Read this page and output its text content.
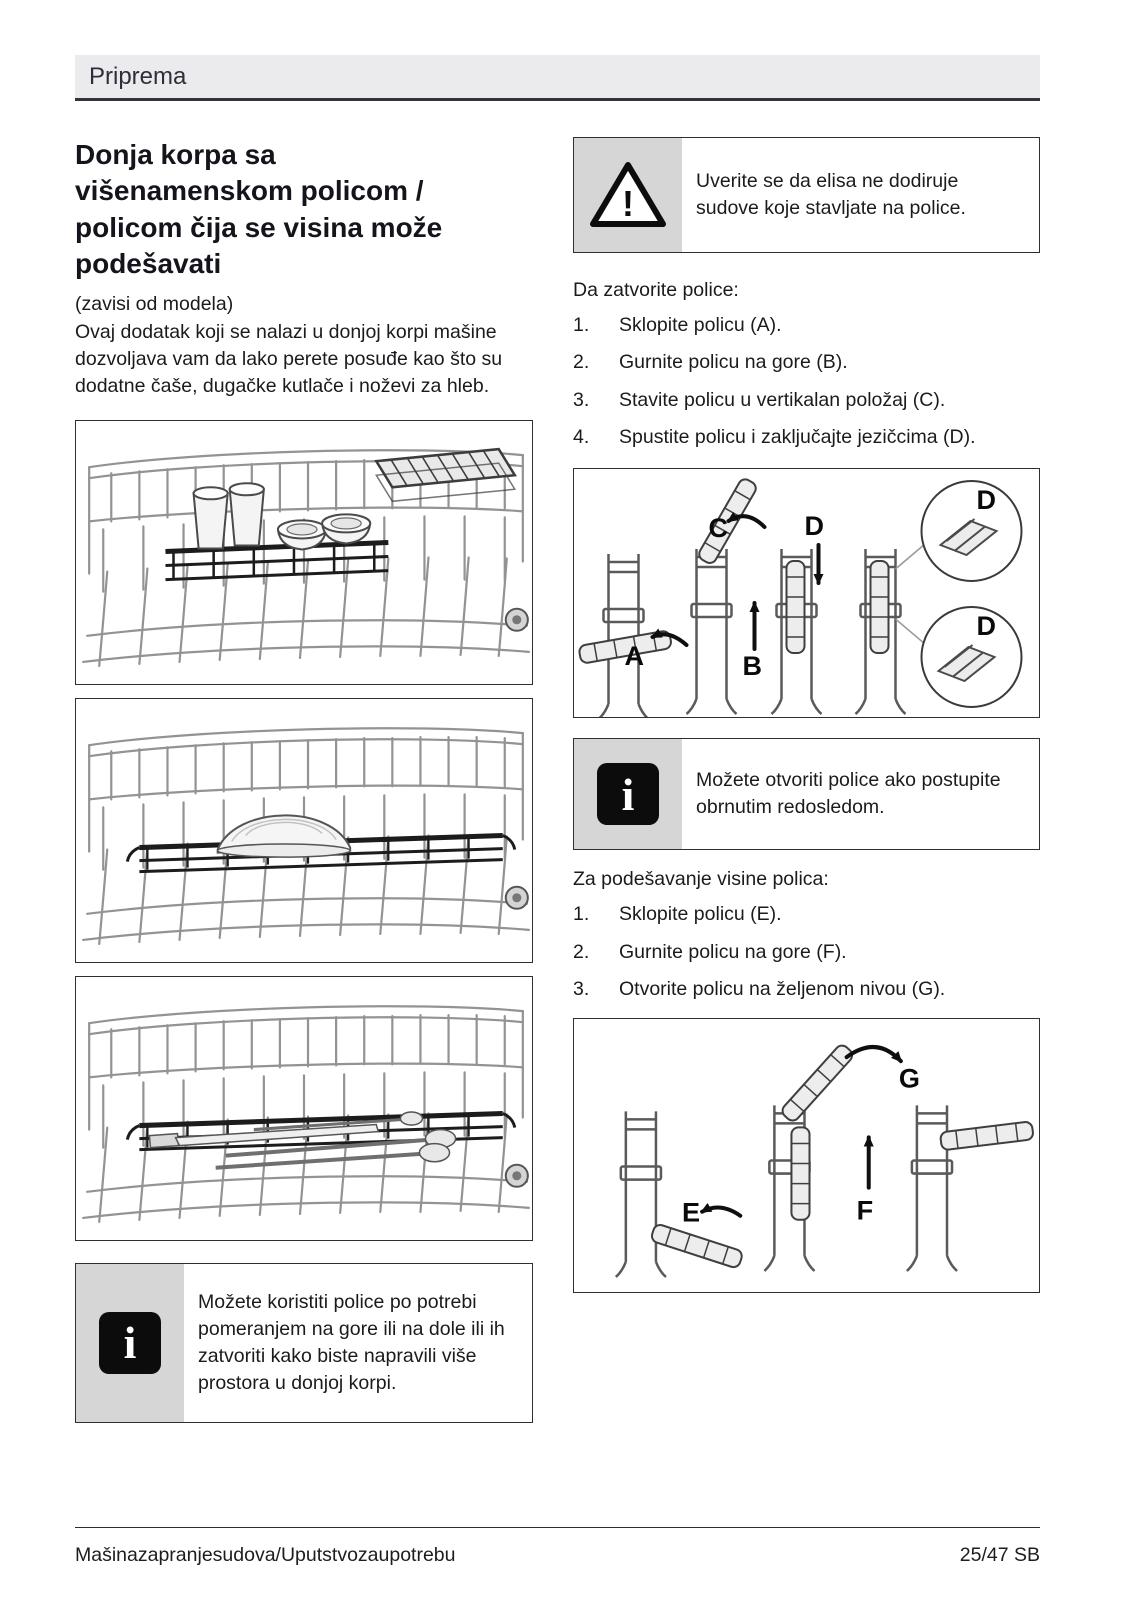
Priprema
Donja korpa sa
višenamenskom policom /
policom čija se visina može
podešavati

(zavisi od modela)

Ovaj dodatak koji se nalazi u donjoj korpi mašine dozvoljava vam da lako perete posuđe kao što su dodatne čaše, dugačke kutlače i noževi za hleb.

i

Možete koristiti police po potrebi pomeranjem na gore ili na dole ili ih zatvoriti kako biste napravili više prostora u donjoj korpi.

!

Uverite se da elisa ne dodiruje sudove koje stavljate na police.

Da zatvorite police:

1.	Sklopite policu (A).
2.	Gurnite policu na gore (B).
3.	Stavite policu u vertikalan položaj (C).
4.	Spustite policu i zaključajte jezičcima (D).
A	B
C	D
D
D
i	Možete otvoriti police ako postupite obrnutim redosledom.

Za podešavanje visine polica:

1.	Sklopite policu (E).
2.	Gurnite policu na gore (F).
3.	Otvorite policu na željenom nivou (G).
E	F
G
Mašinazapranjesudova/Uputstvozaupotrebu	25/47 SB
